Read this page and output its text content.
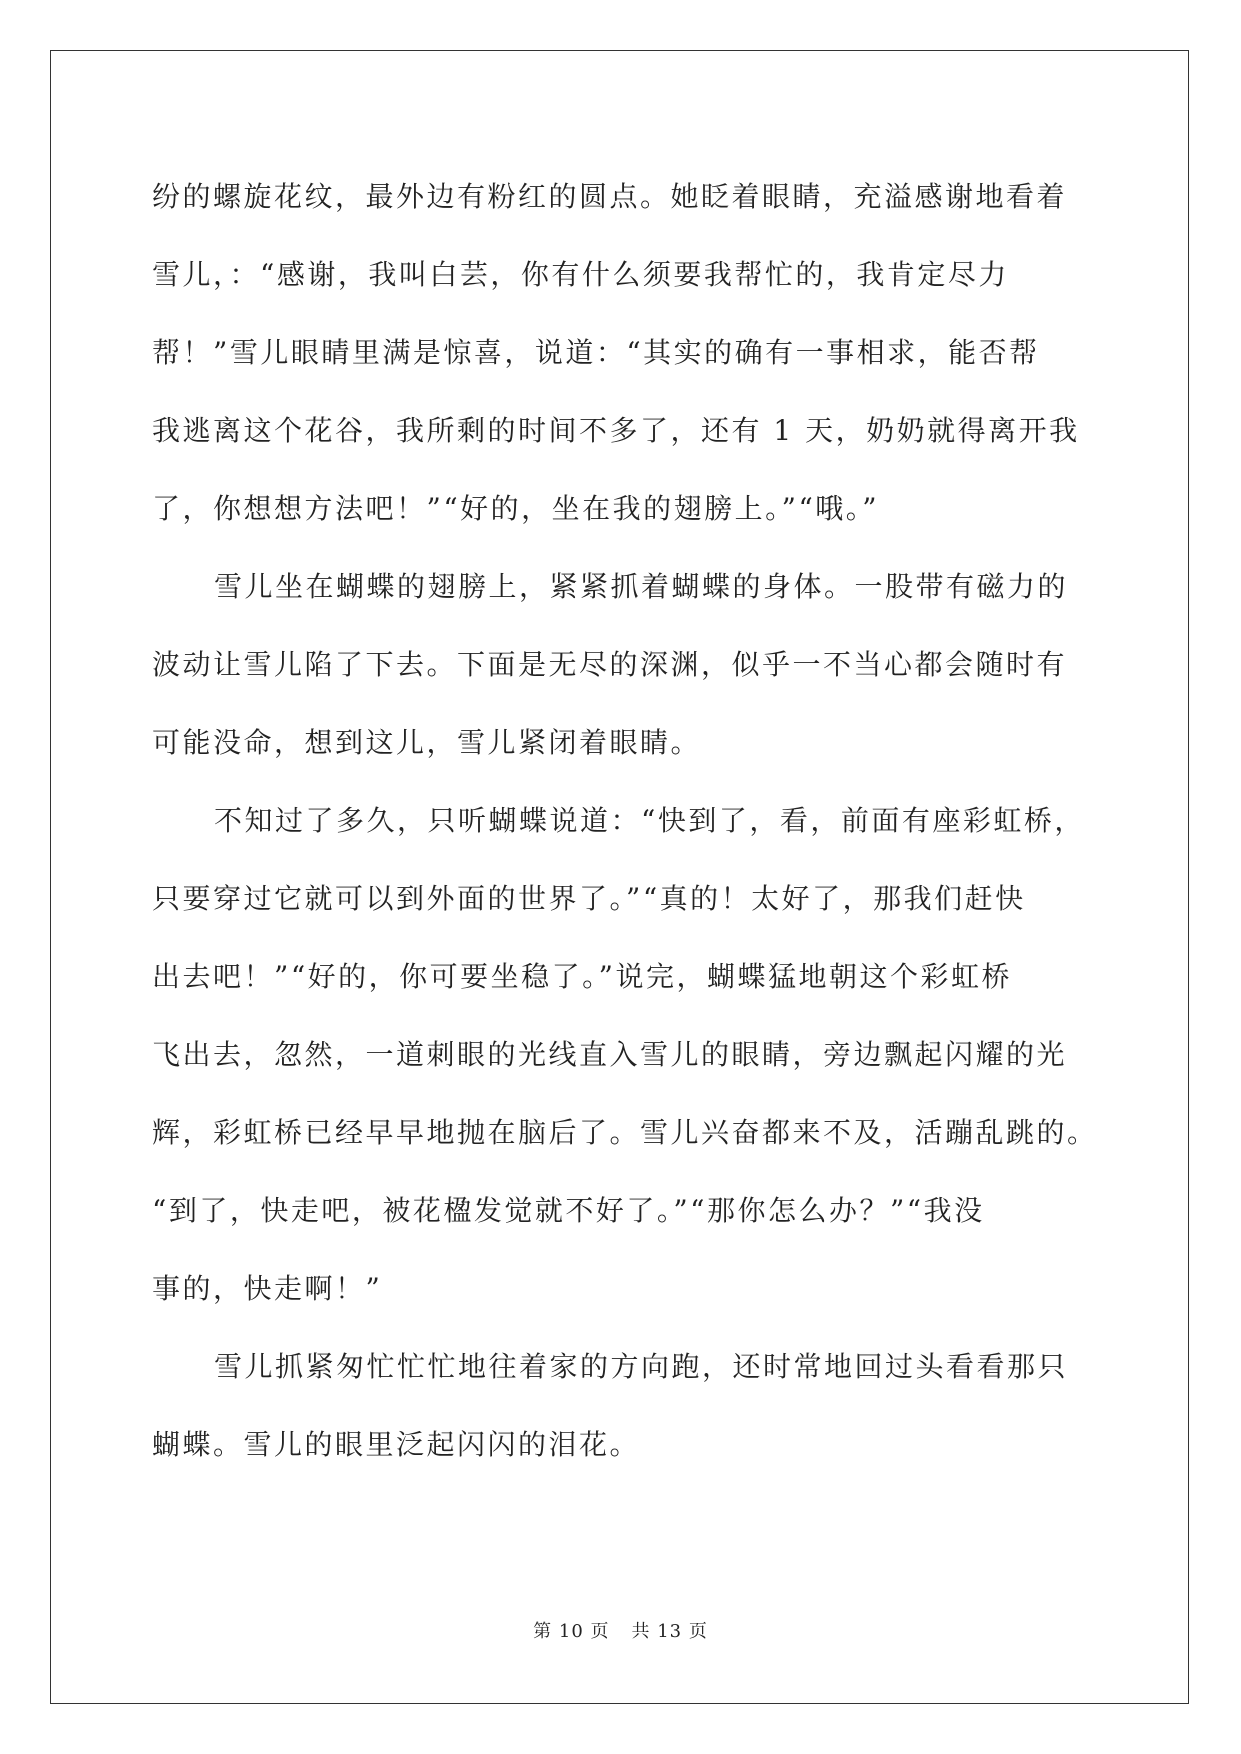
纷的螺旋花纹，最外边有粉红的圆点。她眨着眼睛，充溢感谢地看着
雪儿，：“感谢，我叫白芸，你有什么须要我帮忙的，我肯定尽力
帮！”雪儿眼睛里满是惊喜，说道：“其实的确有一事相求，能否帮
我逃离这个花谷，我所剩的时间不多了，还有 1 天，奶奶就得离开我
了，你想想方法吧！”“好的，坐在我的翅膀上。”“哦。”
雪儿坐在蝴蝶的翅膀上，紧紧抓着蝴蝶的身体。一股带有磁力的
波动让雪儿陷了下去。下面是无尽的深渊，似乎一不当心都会随时有
可能没命，想到这儿，雪儿紧闭着眼睛。
不知过了多久，只听蝴蝶说道：“快到了，看，前面有座彩虹桥，
只要穿过它就可以到外面的世界了。”“真的！太好了，那我们赶快
出去吧！”“好的，你可要坐稳了。”说完，蝴蝶猛地朝这个彩虹桥
飞出去，忽然，一道刺眼的光线直入雪儿的眼睛，旁边飘起闪耀的光
辉，彩虹桥已经早早地抛在脑后了。雪儿兴奋都来不及，活蹦乱跳的。
“到了，快走吧，被花楹发觉就不好了。”“那你怎么办？”“我没
事的，快走啊！”
雪儿抓紧匆忙忙忙地往着家的方向跑，还时常地回过头看看那只
蝴蝶。雪儿的眼里泛起闪闪的泪花。
第 10 页 共 13 页
